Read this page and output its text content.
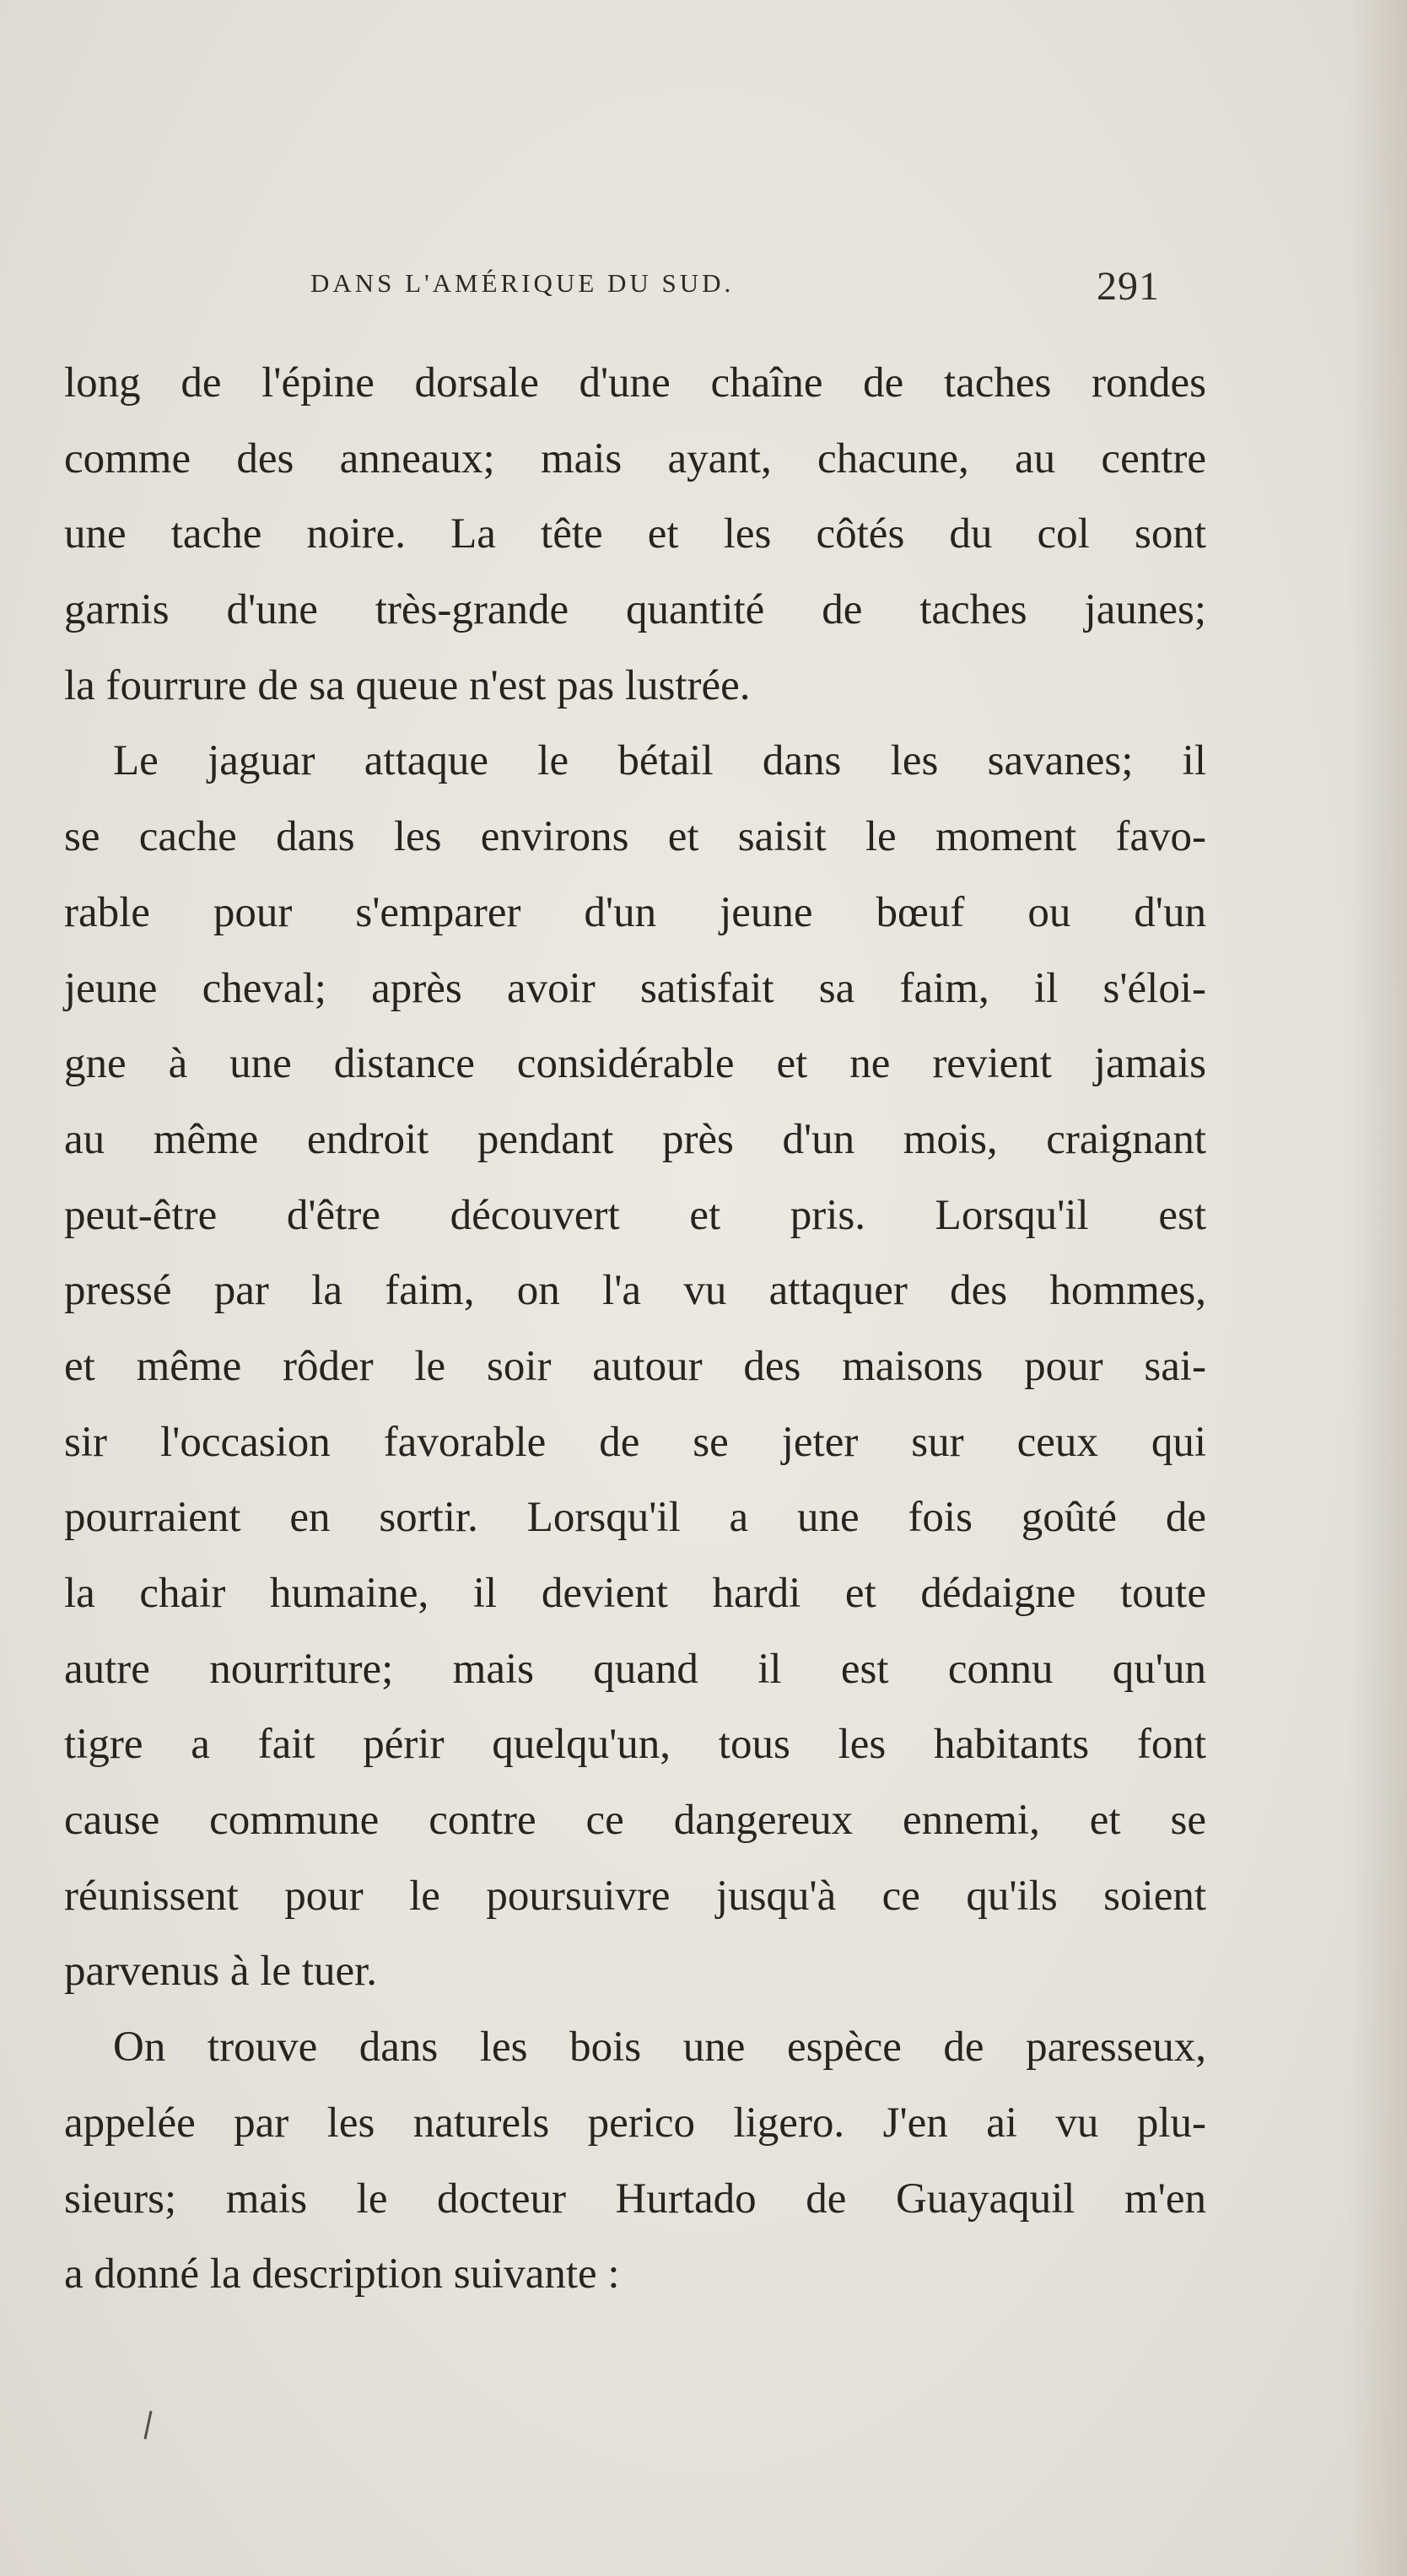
DANS L'AMÉRIQUE DU SUD.	291
long de l'épine dorsale d'une chaîne de taches rondes
comme des anneaux; mais ayant, chacune, au centre
une tache noire. La tête et les côtés du col sont
garnis d'une très-grande quantité de taches jaunes;
la fourrure de sa queue n'est pas lustrée.
Le jaguar attaque le bétail dans les savanes; il
se cache dans les environs et saisit le moment favo-
rable pour s'emparer d'un jeune bœuf ou d'un
jeune cheval; après avoir satisfait sa faim, il s'éloi-
gne à une distance considérable et ne revient jamais
au même endroit pendant près d'un mois, craignant
peut-être d'être découvert et pris. Lorsqu'il est
pressé par la faim, on l'a vu attaquer des hommes,
et même rôder le soir autour des maisons pour sai-
sir l'occasion favorable de se jeter sur ceux qui
pourraient en sortir. Lorsqu'il a une fois goûté de
la chair humaine, il devient hardi et dédaigne toute
autre nourriture; mais quand il est connu qu'un
tigre a fait périr quelqu'un, tous les habitants font
cause commune contre ce dangereux ennemi, et se
réunissent pour le poursuivre jusqu'à ce qu'ils soient
parvenus à le tuer.
On trouve dans les bois une espèce de paresseux,
appelée par les naturels perico ligero. J'en ai vu plu-
sieurs; mais le docteur Hurtado de Guayaquil m'en
a donné la description suivante :
